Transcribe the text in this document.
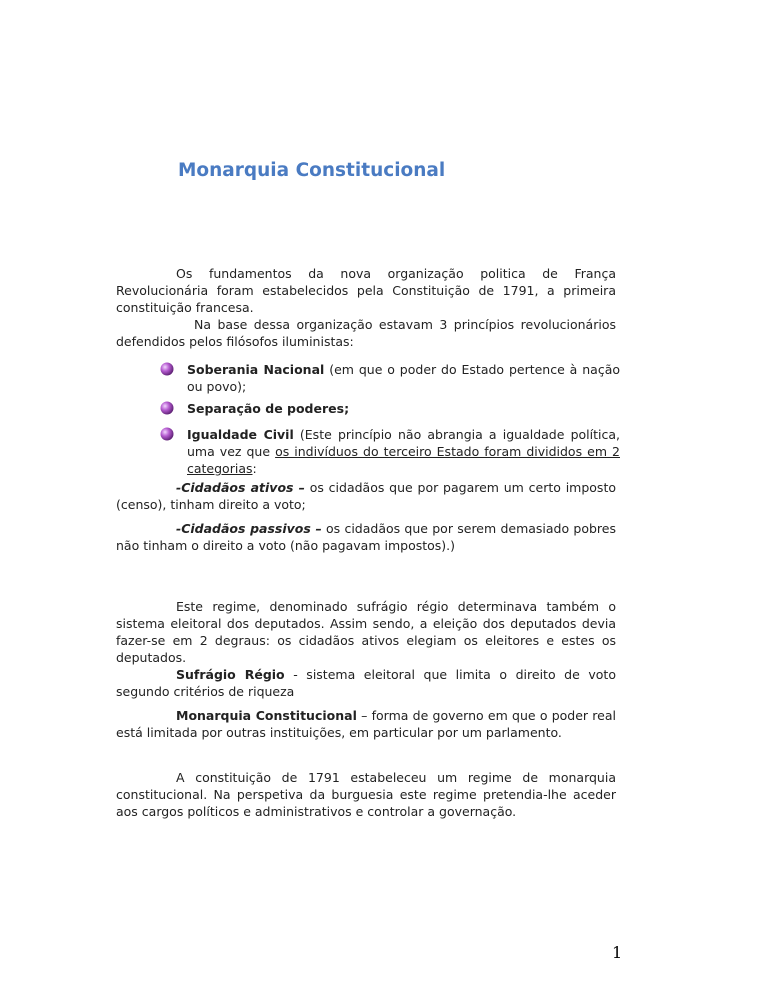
Monarquia Constitucional

Os fundamentos da nova organização politica de França Revolucionária foram estabelecidos pela Constituição de 1791, a primeira constituição francesa.
Na base dessa organização estavam 3 princípios revolucionários defendidos pelos filósofos iluministas:

Soberania Nacional (em que o poder do Estado pertence à nação ou povo);
Separação de poderes;
Igualdade Civil (Este princípio não abrangia a igualdade política, uma vez que os indivíduos do terceiro Estado foram divididos em 2 categorias:

-Cidadãos ativos – os cidadãos que por pagarem um certo imposto (censo), tinham direito a voto;

-Cidadãos passivos – os cidadãos que por serem demasiado pobres não tinham o direito a voto (não pagavam impostos).)

Este regime, denominado sufrágio régio determinava também o sistema eleitoral dos deputados. Assim sendo, a eleição dos deputados devia fazer-se em 2 degraus: os cidadãos ativos elegiam os eleitores e estes os deputados.

Sufrágio Régio - sistema eleitoral que limita o direito de voto segundo critérios de riqueza

Monarquia Constitucional – forma de governo em que o poder real está limitada por outras instituições, em particular por um parlamento.

A constituição de 1791 estabeleceu um regime de monarquia constitucional. Na perspetiva da burguesia este regime pretendia-lhe aceder aos cargos políticos e administrativos e controlar a governação.

1
